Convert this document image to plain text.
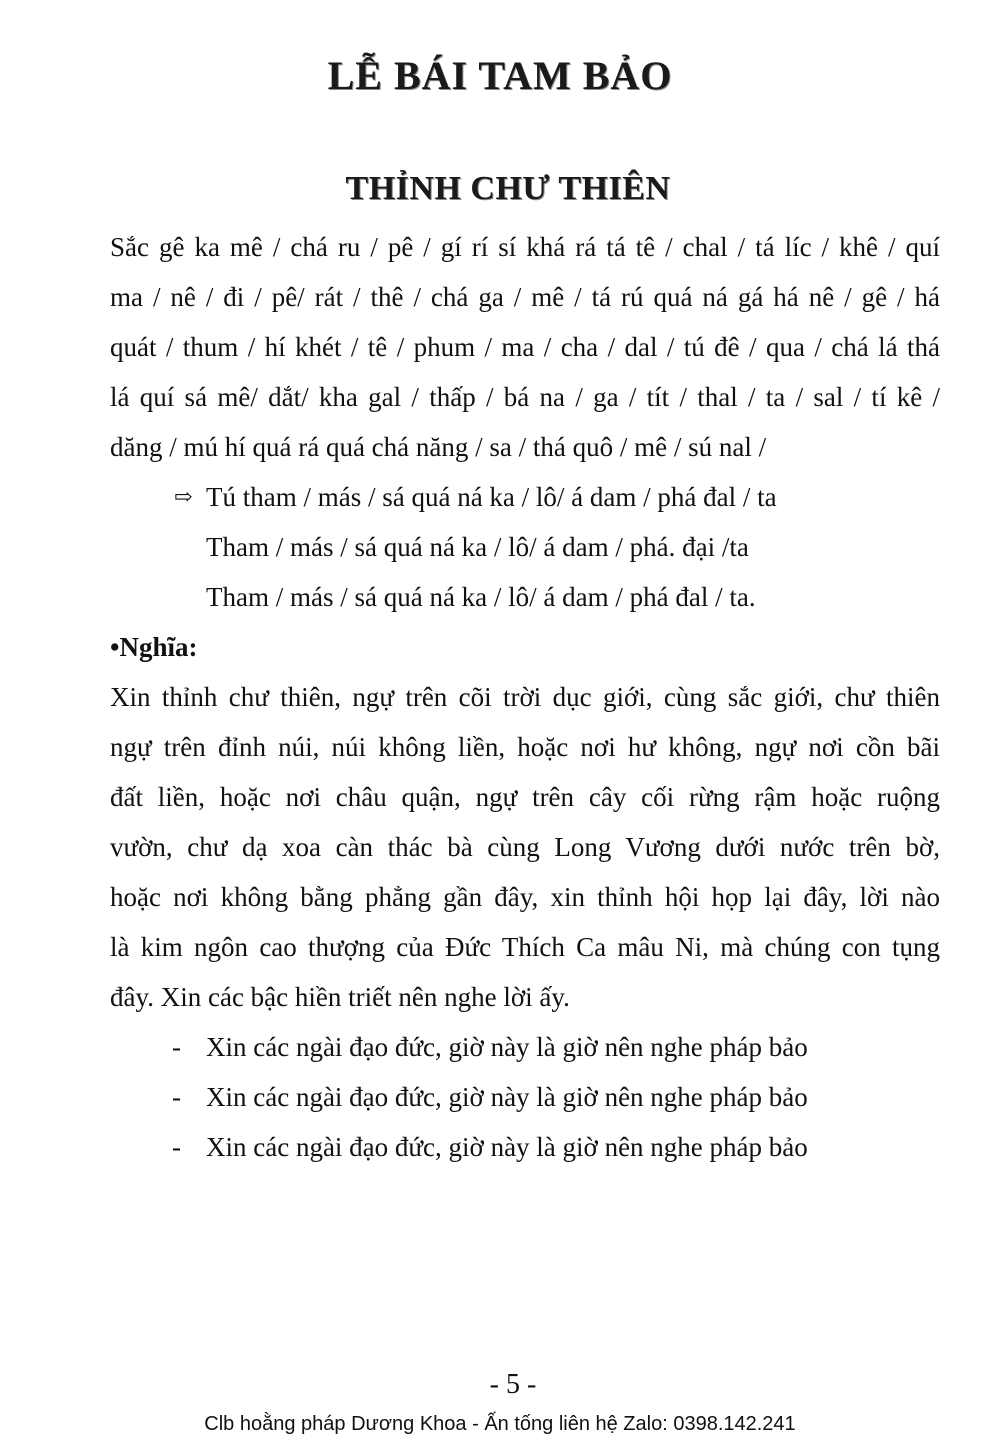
LỄ BÁI TAM BẢO
THỈNH CHƯ THIÊN
Sắc gê ka mê / chá ru / pê / gí rí sí khá rá tá tê / chal / tá líc / khê / quí
ma / nê / đi / pê/ rát / thê / chá ga / mê / tá rú quá ná gá há nê / gê / há
quát / thum / hí khét / tê / phum / ma / cha / dal / tú đê / qua / chá lá thá
lá quí sá mê/ dắt/ kha gal / thấp / bá na / ga / tít / thal / ta / sal / tí kê /
dăng / mú hí quá rá quá chá năng / sa / thá quô / mê / sú nal /
⇨ Tú tham / más / sá quá ná ka / lô/ á dam / phá đal / ta
Tham / más / sá quá ná ka / lô/ á dam / phá. đại /ta
Tham / más / sá quá ná ka / lô/ á dam / phá đal / ta.
•Nghĩa:
Xin thỉnh chư thiên, ngự trên cõi trời dục giới, cùng sắc giới, chư thiên
ngự trên đỉnh núi, núi không liền, hoặc nơi hư không, ngự nơi cồn bãi
đất liền, hoặc nơi châu quận, ngự trên cây cối rừng rậm hoặc ruộng
vườn, chư dạ xoa càn thác bà cùng Long Vương dưới nước trên bờ,
hoặc nơi không bằng phẳng gần đây, xin thỉnh hội họp lại đây, lời nào
là kim ngôn cao thượng của Đức Thích Ca mâu Ni, mà chúng con tụng
đây. Xin các bậc hiền triết nên nghe lời ấy.
- Xin các ngài đạo đức, giờ này là giờ nên nghe pháp bảo
- Xin các ngài đạo đức, giờ này là giờ nên nghe pháp bảo
- Xin các ngài đạo đức, giờ này là giờ nên nghe pháp bảo
- 5 -
Clb hoằng pháp Dương Khoa - Ấn tống liên hệ Zalo: 0398.142.241
